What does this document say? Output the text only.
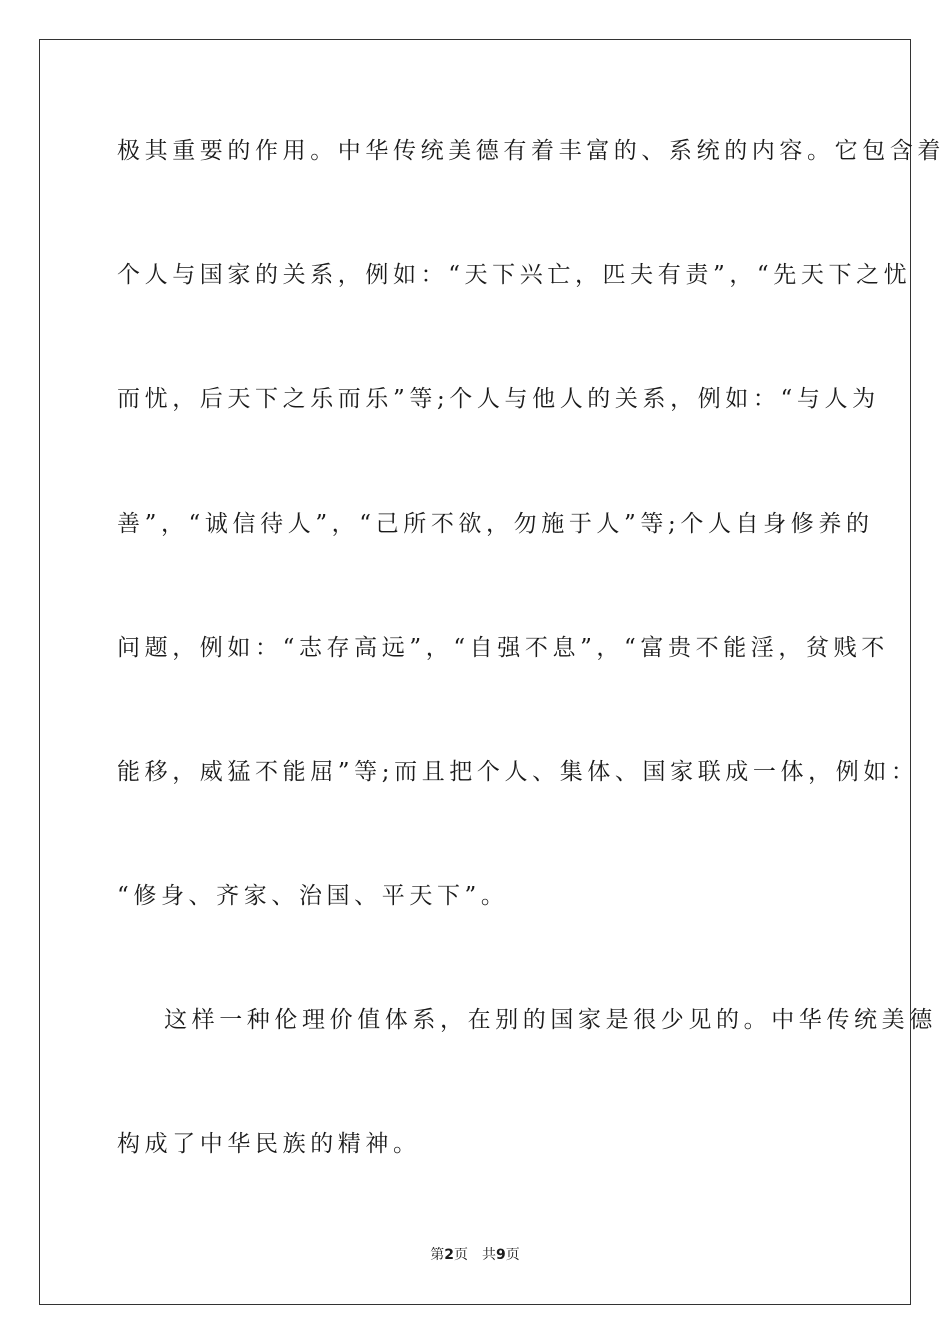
极其重要的作用。中华传统美德有着丰富的、系统的内容。它包含着
个人与国家的关系，例如：“天下兴亡，匹夫有责”，“先天下之忧
而忧，后天下之乐而乐”等;个人与他人的关系，例如：“与人为
善”，“诚信待人”，“己所不欲，勿施于人”等;个人自身修养的
问题，例如：“志存高远”，“自强不息”，“富贵不能淫，贫贱不
能移，威猛不能屈”等;而且把个人、集体、国家联成一体，例如：
“修身、齐家、治国、平天下”。
这样一种伦理价值体系，在别的国家是很少见的。中华传统美德
构成了中华民族的精神。
第2页 共9页
